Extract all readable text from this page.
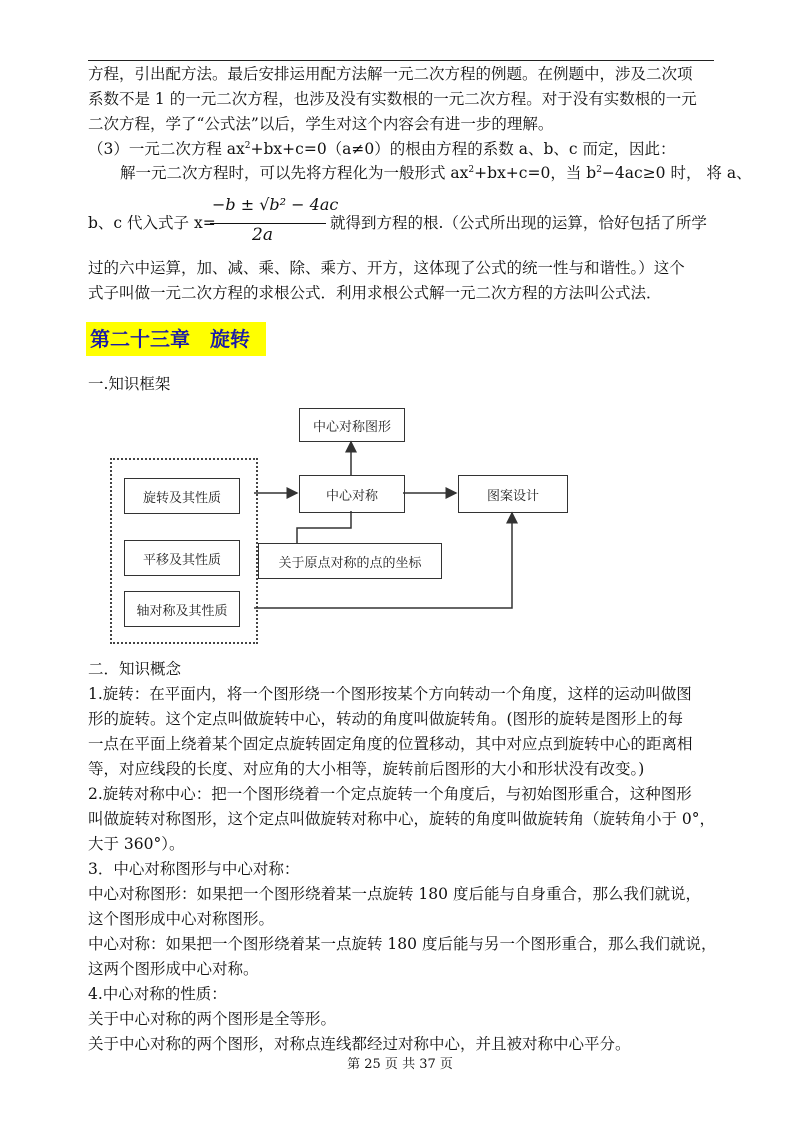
方程，引出配方法。最后安排运用配方法解一元二次方程的例题。在例题中，涉及二次项
系数不是 1 的一元二次方程，也涉及没有实数根的一元二次方程。对于没有实数根的一元
二次方程，学了“公式法”以后，学生对这个内容会有进一步的理解。
（3）一元二次方程 $ax^2+bx+c=0(a\ne 0)$的根由方程的系数 a、b、c 而定，因此：
解一元二次方程时，可以先将方程化为一般形式 $ax^2+bx+c=0$，当 $b^2-4ac\ge 0$ 时， 将 a、
b、c 代入式子 x=
−b ± √b² − 4ac
2a
就得到方程的根.（公式所出现的运算，恰好包括了所学
过的六中运算，加、减、乘、除、乘方、开方，这体现了公式的统一性与和谐性。）这个
式子叫做一元二次方程的求根公式．利用求根公式解一元二次方程的方法叫公式法．
第二十三章　旋转
一.知识框架
中心对称图形
中心对称	图案设计
旋转及其性质
平移及其性质
轴对称及其性质
关于原点对称的点的坐标
二．知识概念
1.旋转：在平面内，将一个图形绕一个图形按某个方向转动一个角度，这样的运动叫做图
形的旋转。这个定点叫做旋转中心，转动的角度叫做旋转角。(图形的旋转是图形上的每
一点在平面上绕着某个固定点旋转固定角度的位置移动，其中对应点到旋转中心的距离相
等，对应线段的长度、对应角的大小相等，旋转前后图形的大小和形状没有改变。)
2.旋转对称中心：把一个图形绕着一个定点旋转一个角度后，与初始图形重合，这种图形
叫做旋转对称图形，这个定点叫做旋转对称中心，旋转的角度叫做旋转角（旋转角小于 0°，
大于 360°）。
3．中心对称图形与中心对称：
中心对称图形：如果把一个图形绕着某一点旋转 180 度后能与自身重合，那么我们就说，
这个图形成中心对称图形。
中心对称：如果把一个图形绕着某一点旋转 180 度后能与另一个图形重合，那么我们就说，
这两个图形成中心对称。
4.中心对称的性质：
关于中心对称的两个图形是全等形。
关于中心对称的两个图形，对称点连线都经过对称中心，并且被对称中心平分。
第 25 页 共 37 页
